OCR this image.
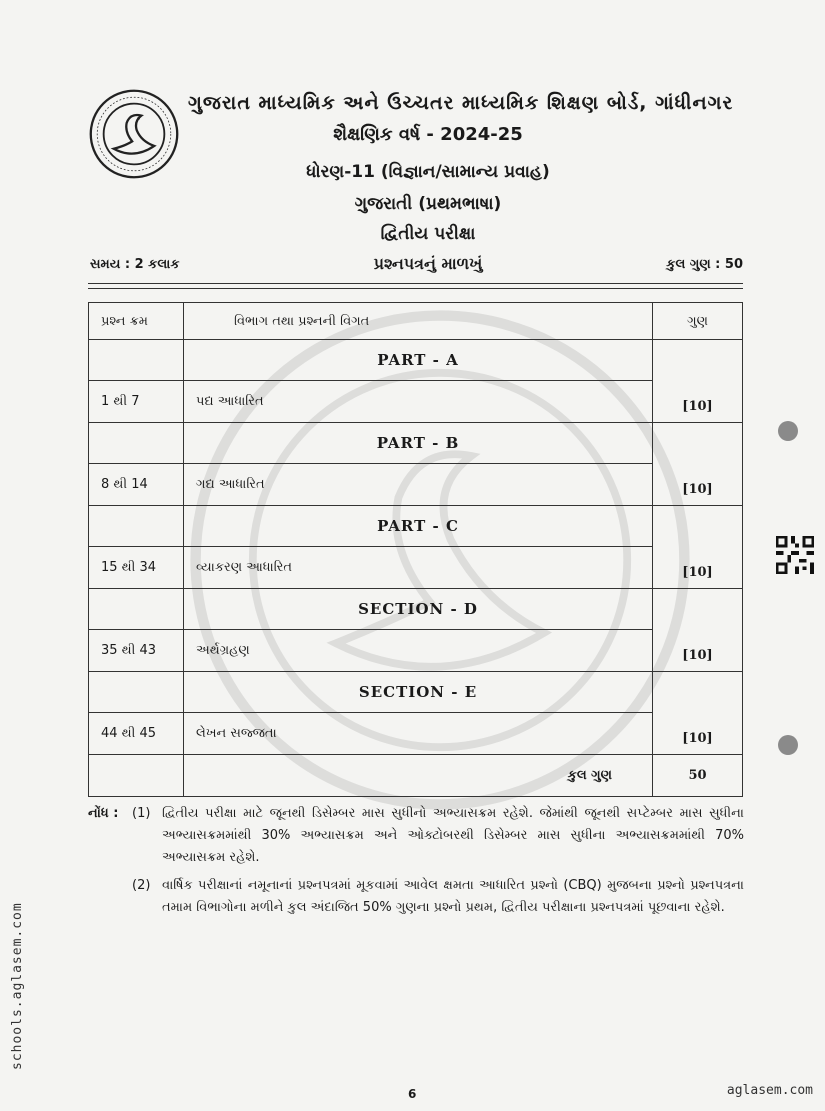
ગુજરાત માધ્યમિક અને ઉચ્ચતર માધ્યમિક શિક્ષણ બોર્ડ, ગાંધીનગર
શૈક્ષણિક વર્ષ - 2024-25
ધોરણ-11 (વિજ્ઞાન/સામાન્ય પ્રવાહ)
ગુજરાતી (પ્રથમભાષા)
દ્વિતીય પરીક્ષા
પ્રશ્નપત્રનું માળખું
સમય : 2 કલાક	કુલ ગુણ : 50
પ્રશ્ન ક્રમ	વિભાગ તથા પ્રશ્નની વિગત	ગુણ
	PART - A	[10]
1 થી 7	પદ્ય આધારિત	
	PART - B	[10]
8 થી 14	ગદ્ય આધારિત	
	PART - C	[10]
15 થી 34	વ્યાકરણ આધારિત	
	SECTION - D	[10]
35 થી 43	અર્થગ્રહણ	
	SECTION - E	[10]
44 થી 45	લેખન સજ્જતા	
	કુલ ગુણ	50
નોંધ : (1) દ્વિતીય પરીક્ષા માટે જૂનથી ડિસેમ્બર માસ સુધીનો અભ્યાસક્રમ રહેશે. જેમાંથી જૂનથી સપ્ટેમ્બર માસ સુધીના અભ્યાસક્રમમાંથી 30% અભ્યાસક્રમ અને ઓક્ટોબરથી ડિસેમ્બર માસ સુધીના અભ્યાસક્રમમાંથી 70% અભ્યાસક્રમ રહેશે.
(2) વાર્ષિક પરીક્ષાનાં નમૂનાનાં પ્રશ્નપત્રમાં મૂકવામાં આવેલ ક્ષમતા આધારિત પ્રશ્નો (CBQ) મુજબના પ્રશ્નો પ્રશ્નપત્રના તમામ વિભાગોના મળીને કુલ અંદાજિત 50% ગુણના પ્રશ્નો પ્રથમ, દ્વિતીય પરીક્ષાના પ્રશ્નપત્રમાં પૂછવાના રહેશે.
6
schools.aglasem.com
aglasem.com
